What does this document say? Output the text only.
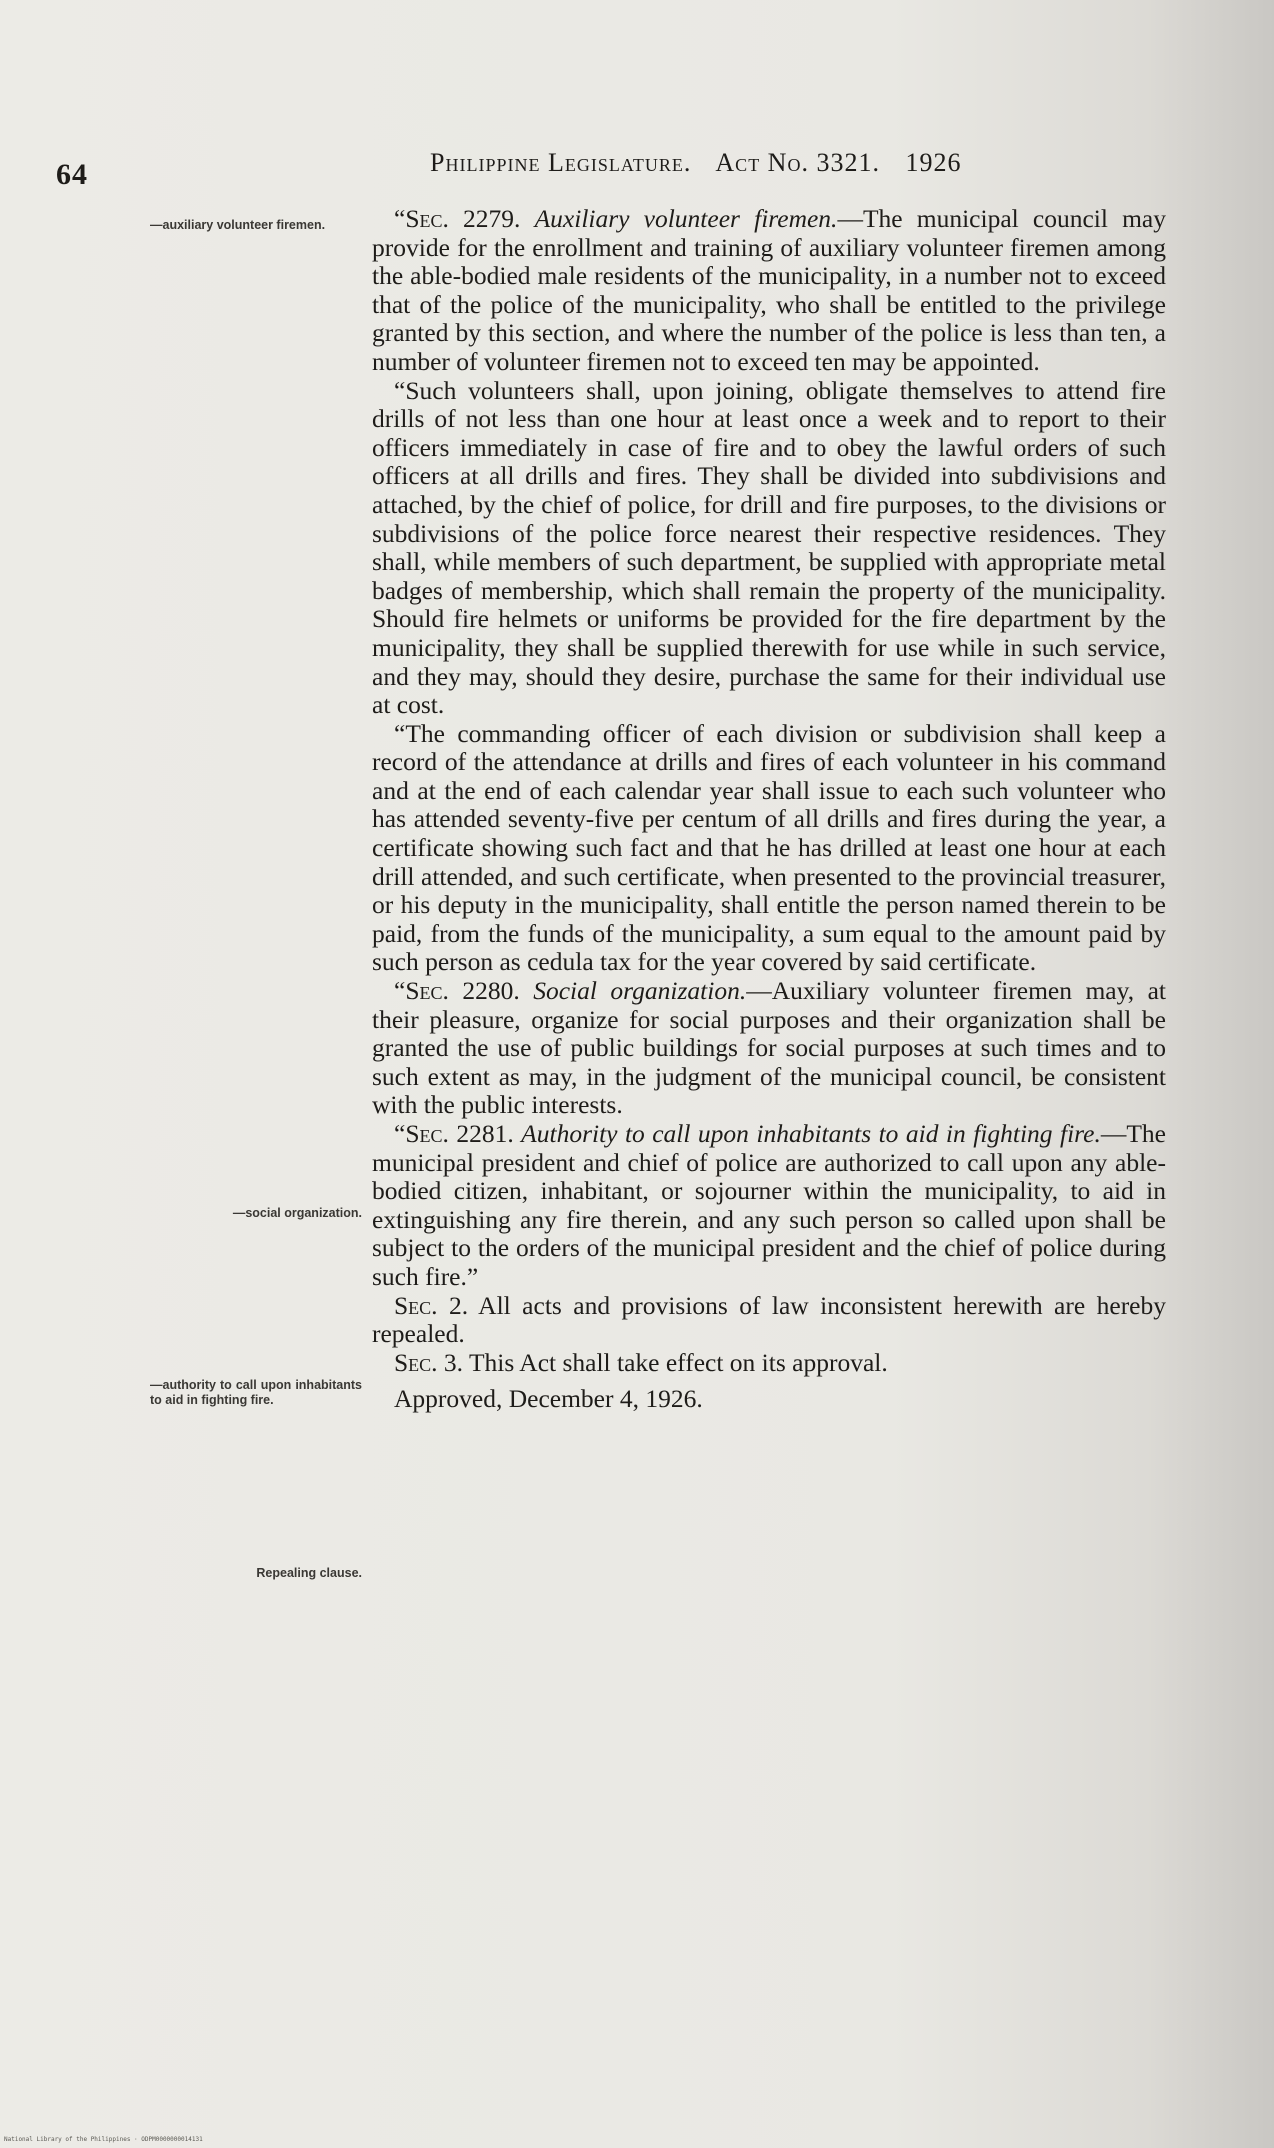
64	Philippine Legislature. Act No. 3321. 1926
—auxiliary volunteer firemen.
—social organization.
—authority to call upon inhabitants to aid in fighting fire.
Repealing clause.

“Sec. 2279. Auxiliary volunteer firemen.—The municipal council may provide for the enrollment and training of auxiliary volunteer firemen among the able-bodied male residents of the municipality, in a number not to exceed that of the police of the municipality, who shall be entitled to the privilege granted by this section, and where the number of the police is less than ten, a number of volunteer firemen not to exceed ten may be appointed.

“Such volunteers shall, upon joining, obligate themselves to attend fire drills of not less than one hour at least once a week and to report to their officers immediately in case of fire and to obey the lawful orders of such officers at all drills and fires. They shall be divided into subdivisions and attached, by the chief of police, for drill and fire purposes, to the divisions or subdivisions of the police force nearest their respective residences. They shall, while members of such department, be supplied with appropriate metal badges of membership, which shall remain the property of the municipality. Should fire helmets or uniforms be provided for the fire department by the municipality, they shall be supplied therewith for use while in such service, and they may, should they desire, purchase the same for their individual use at cost.

“The commanding officer of each division or subdivision shall keep a record of the attendance at drills and fires of each volunteer in his command and at the end of each calendar year shall issue to each such volunteer who has attended seventy-five per centum of all drills and fires during the year, a certificate showing such fact and that he has drilled at least one hour at each drill attended, and such certificate, when presented to the provincial treasurer, or his deputy in the municipality, shall entitle the person named therein to be paid, from the funds of the municipality, a sum equal to the amount paid by such person as cedula tax for the year covered by said certificate.

“Sec. 2280. Social organization.—Auxiliary volunteer firemen may, at their pleasure, organize for social purposes and their organization shall be granted the use of public buildings for social purposes at such times and to such extent as may, in the judgment of the municipal council, be consistent with the public interests.

“Sec. 2281. Authority to call upon inhabitants to aid in fighting fire.—The municipal president and chief of police are authorized to call upon any able-bodied citizen, inhabitant, or sojourner within the municipality, to aid in extinguishing any fire therein, and any such person so called upon shall be subject to the orders of the municipal president and the chief of police during such fire.”

Sec. 2. All acts and provisions of law inconsistent herewith are hereby repealed.

Sec. 3. This Act shall take effect on its approval.

Approved, December 4, 1926.

National Library of the Philippines · ODPM0000000014131
